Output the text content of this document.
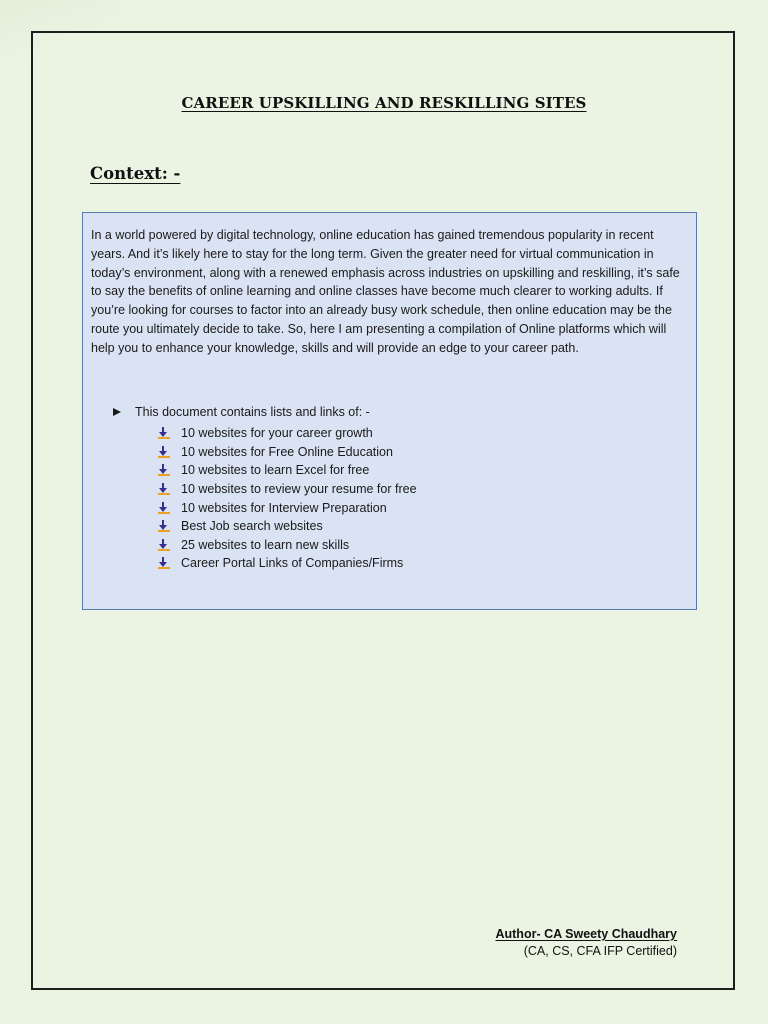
CAREER UPSKILLING AND RESKILLING SITES
Context: -

In a world powered by digital technology, online education has gained tremendous popularity in recent years. And it’s likely here to stay for the long term. Given the greater need for virtual communication in today’s environment, along with a renewed emphasis across industries on upskilling and reskilling, it’s safe to say the benefits of online learning and online classes have become much clearer to working adults. If you’re looking for courses to factor into an already busy work schedule, then online education may be the route you ultimately decide to take. So, here I am presenting a compilation of Online platforms which will help you to enhance your knowledge, skills and will provide an edge to your career path.

This document contains lists and links of: -
10 websites for your career growth
10 websites for Free Online Education
10 websites to learn Excel for free
10 websites to review your resume for free
10 websites for Interview Preparation
Best Job search websites
25 websites to learn new skills
Career Portal Links of Companies/Firms
Author- CA Sweety Chaudhary
(CA, CS, CFA IFP Certified)
